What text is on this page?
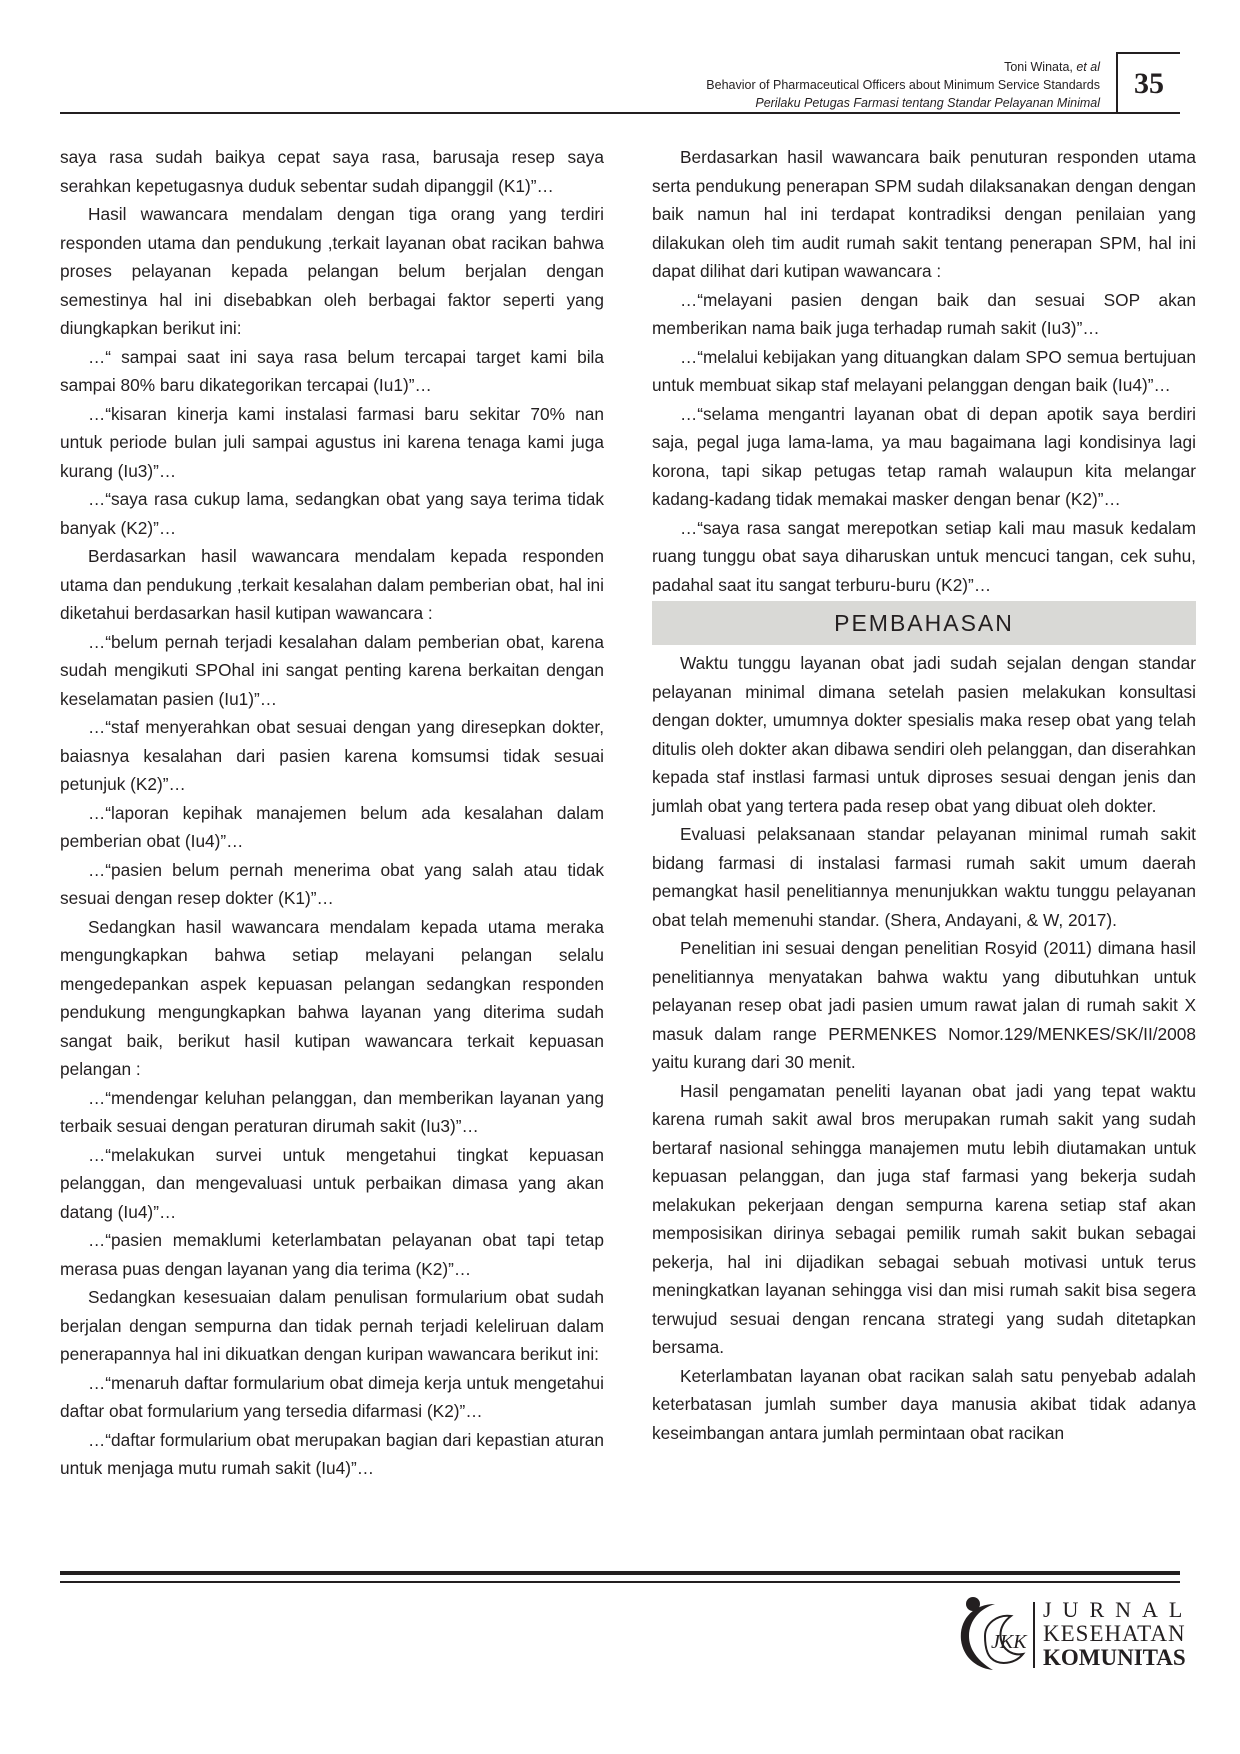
Toni Winata, et al
Behavior of Pharmaceutical Officers about Minimum Service Standards
Perilaku Petugas Farmasi tentang Standar Pelayanan Minimal
35

saya rasa sudah baikya cepat saya rasa, barusaja resep saya serahkan kepetugasnya duduk sebentar sudah dipanggil (K1)”…

Hasil wawancara mendalam dengan tiga orang yang terdiri responden utama dan pendukung ,terkait layanan obat racikan bahwa proses pelayanan kepada pelangan belum berjalan dengan semestinya hal ini disebabkan oleh berbagai faktor seperti yang diungkapkan berikut ini:

…“ sampai saat ini saya rasa belum tercapai target kami bila sampai 80% baru dikategorikan tercapai (Iu1)”…

…“kisaran kinerja kami instalasi farmasi baru sekitar 70% nan untuk periode bulan juli sampai agustus ini karena tenaga kami juga kurang (Iu3)”…

…“saya rasa cukup lama, sedangkan obat yang saya terima tidak banyak (K2)”…

Berdasarkan hasil wawancara mendalam kepada responden utama dan pendukung ,terkait kesalahan dalam pemberian obat, hal ini diketahui berdasarkan hasil kutipan wawancara :

…“belum pernah terjadi kesalahan dalam pemberian obat, karena sudah mengikuti SPOhal ini sangat penting karena berkaitan dengan keselamatan pasien (Iu1)”…

…“staf menyerahkan obat sesuai dengan yang diresepkan dokter, baiasnya kesalahan dari pasien karena komsumsi tidak sesuai petunjuk (K2)”…

…“laporan kepihak manajemen belum ada kesalahan dalam pemberian obat (Iu4)”…

…“pasien belum pernah menerima obat yang salah atau tidak sesuai dengan resep dokter (K1)”…

Sedangkan hasil wawancara mendalam kepada utama meraka mengungkapkan bahwa setiap melayani pelangan selalu mengedepankan aspek kepuasan pelangan sedangkan responden pendukung mengungkapkan bahwa layanan yang diterima sudah sangat baik, berikut hasil kutipan wawancara terkait kepuasan pelangan :

…“mendengar keluhan pelanggan, dan memberikan layanan yang terbaik sesuai dengan peraturan dirumah sakit (Iu3)”…

…“melakukan survei untuk mengetahui tingkat kepuasan pelanggan, dan mengevaluasi untuk perbaikan dimasa yang akan datang (Iu4)”…

…“pasien memaklumi keterlambatan pelayanan obat tapi tetap merasa puas dengan layanan yang dia terima (K2)”…

Sedangkan kesesuaian dalam penulisan formularium obat sudah berjalan dengan sempurna dan tidak pernah terjadi keleliruan dalam penerapannya hal ini dikuatkan dengan kuripan wawancara berikut ini:

…“menaruh daftar formularium obat dimeja kerja untuk mengetahui daftar obat formularium yang tersedia difarmasi (K2)”…

…“daftar formularium obat merupakan bagian dari kepastian aturan untuk menjaga mutu rumah sakit (Iu4)”…

Berdasarkan hasil wawancara baik penuturan responden utama serta pendukung penerapan SPM sudah dilaksanakan dengan dengan baik namun hal ini terdapat kontradiksi dengan penilaian yang dilakukan oleh tim audit rumah sakit tentang penerapan SPM, hal ini dapat dilihat dari kutipan wawancara :

…“melayani pasien dengan baik dan sesuai SOP akan memberikan nama baik juga terhadap rumah sakit (Iu3)”…

…“melalui kebijakan yang dituangkan dalam SPO semua bertujuan untuk membuat sikap staf melayani pelanggan dengan baik (Iu4)”…

…“selama mengantri layanan obat di depan apotik saya berdiri saja, pegal juga lama-lama, ya mau bagaimana lagi kondisinya lagi korona, tapi sikap petugas tetap ramah walaupun kita melangar kadang-kadang tidak memakai masker dengan benar (K2)”…

…“saya rasa sangat merepotkan setiap kali mau masuk kedalam ruang tunggu obat saya diharuskan untuk mencuci tangan, cek suhu, padahal saat itu sangat terburu-buru (K2)”…

PEMBAHASAN

Waktu tunggu layanan obat jadi sudah sejalan dengan standar pelayanan minimal dimana setelah pasien melakukan konsultasi dengan dokter, umumnya dokter spesialis maka resep obat yang telah ditulis oleh dokter akan dibawa sendiri oleh pelanggan, dan diserahkan kepada staf instlasi farmasi untuk diproses sesuai dengan jenis dan jumlah obat yang tertera pada resep obat yang dibuat oleh dokter.

Evaluasi pelaksanaan standar pelayanan minimal rumah sakit bidang farmasi di instalasi farmasi rumah sakit umum daerah pemangkat hasil penelitiannya menunjukkan waktu tunggu pelayanan obat telah memenuhi standar. (Shera, Andayani, & W, 2017).

Penelitian ini sesuai dengan penelitian Rosyid (2011) dimana hasil penelitiannya menyatakan bahwa waktu yang dibutuhkan untuk pelayanan resep obat jadi pasien umum rawat jalan di rumah sakit X masuk dalam range PERMENKES Nomor.129/MENKES/SK/II/2008 yaitu kurang dari 30 menit.

Hasil pengamatan peneliti layanan obat jadi yang tepat waktu karena rumah sakit awal bros merupakan rumah sakit yang sudah bertaraf nasional sehingga manajemen mutu lebih diutamakan untuk kepuasan pelanggan, dan juga staf farmasi yang bekerja sudah melakukan pekerjaan dengan sempurna karena setiap staf akan memposisikan dirinya sebagai pemilik rumah sakit bukan sebagai pekerja, hal ini dijadikan sebagai sebuah motivasi untuk terus meningkatkan layanan sehingga visi dan misi rumah sakit bisa segera terwujud sesuai dengan rencana strategi yang sudah ditetapkan bersama.

Keterlambatan layanan obat racikan salah satu penyebab adalah keterbatasan jumlah sumber daya manusia akibat tidak adanya keseimbangan antara jumlah permintaan obat racikan

JKK
JURNAL
KESEHATAN
KOMUNITAS
